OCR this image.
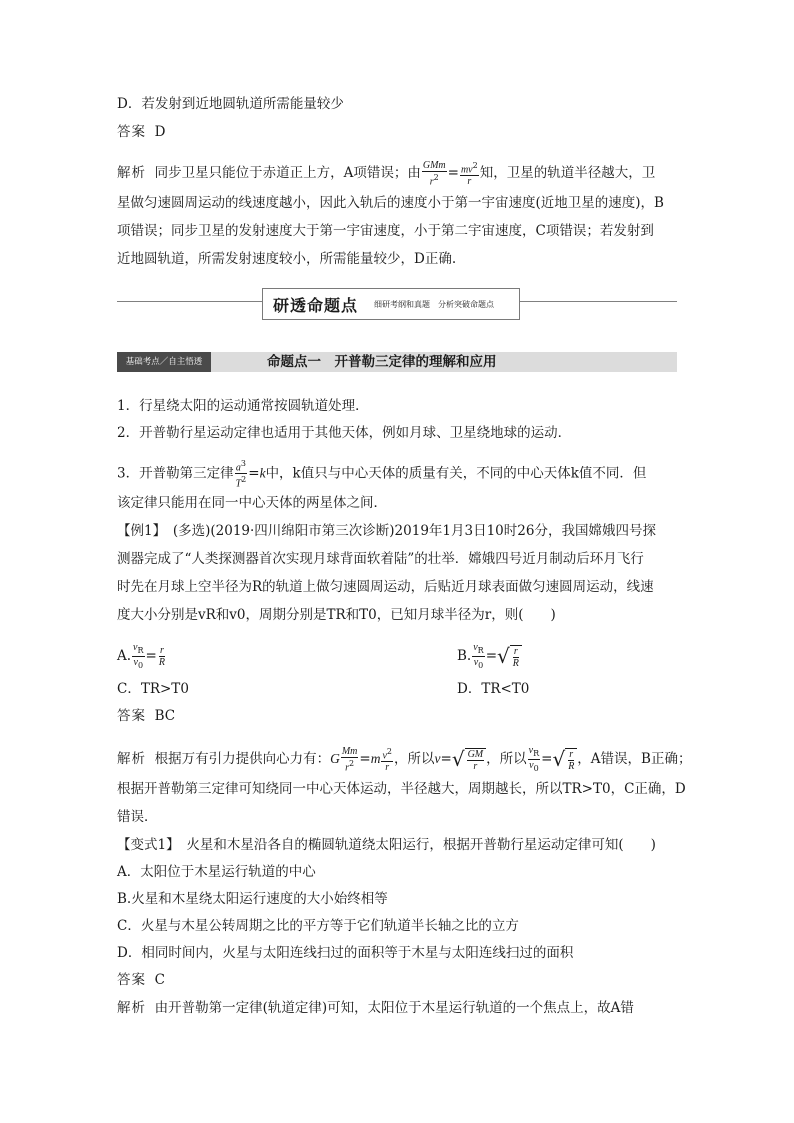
D．若发射到近地圆轨道所需能量较少
答案 D
解析 同步卫星只能位于赤道正上方，A项错误；由 $\frac{\text{GMm}}{r^2} = \frac{mv^2}{r}$ 知，卫星的轨道半径越大，卫
星做匀速圆周运动的线速度越小，因此入轨后的速度小于第一宇宙速度(近地卫星的速度)，B
项错误；同步卫星的发射速度大于第一宇宙速度，小于第二宇宙速度，C项错误；若发射到
近地圆轨道，所需发射速度较小，所需能量较少，D正确.
研透命题点 细研考纲和真题　分析突破命题点
基础考点／自主悟透	命题点一　开普勒三定律的理解和应用
1．行星绕太阳的运动通常按圆轨道处理．
2．开普勒行星运动定律也适用于其他天体，例如月球、卫星绕地球的运动．
3．开普勒第三定律 $\frac{a^3}{T^2} =k$中，k值只与中心天体的质量有关，不同的中心天体k值不同．但
该定律只能用在同一中心天体的两星体之间．
【例1】　(多选)(2019·四川绵阳市第三次诊断)2019年1月3日10时26分，我国嫦娥四号探
测器完成了“人类探测器首次实现月球背面软着陆”的壮举．嫦娥四号近月制动后环月飞行
时先在月球上空半径为R的轨道上做匀速圆周运动，后贴近月球表面做匀速圆周运动，线速
度大小分别是vR和v0，周期分别是TR和T0，已知月球半径为r，则(　　)
A. $\frac{v_R}{v_0} = \frac{r}{R}$	B. $\frac{v_R}{v_0}$ = √ $\frac{r}{R}$
C．TR>T0	D．TR<T0
答案 BC
解析 根据万有引力提供向心力有：G $\frac{Mm}{r^2} =m \frac{v^2}{r}$ ，所以v= √ $\frac{GM}{r}$ ，所以 $\frac{v_R}{v_0}$ = √ $\frac{r}{R}$ ，A错误，B正确；
根据开普勒第三定律可知绕同一中心天体运动，半径越大，周期越长，所以TR>T0，C正确，D
错误．
【变式1】　火星和木星沿各自的椭圆轨道绕太阳运行，根据开普勒行星运动定律可知(　　)
A．太阳位于木星运行轨道的中心
B.火星和木星绕太阳运行速度的大小始终相等
C．火星与木星公转周期之比的平方等于它们轨道半长轴之比的立方
D．相同时间内，火星与太阳连线扫过的面积等于木星与太阳连线扫过的面积
答案 C
解析 由开普勒第一定律(轨道定律)可知，太阳位于木星运行轨道的一个焦点上，故A错
